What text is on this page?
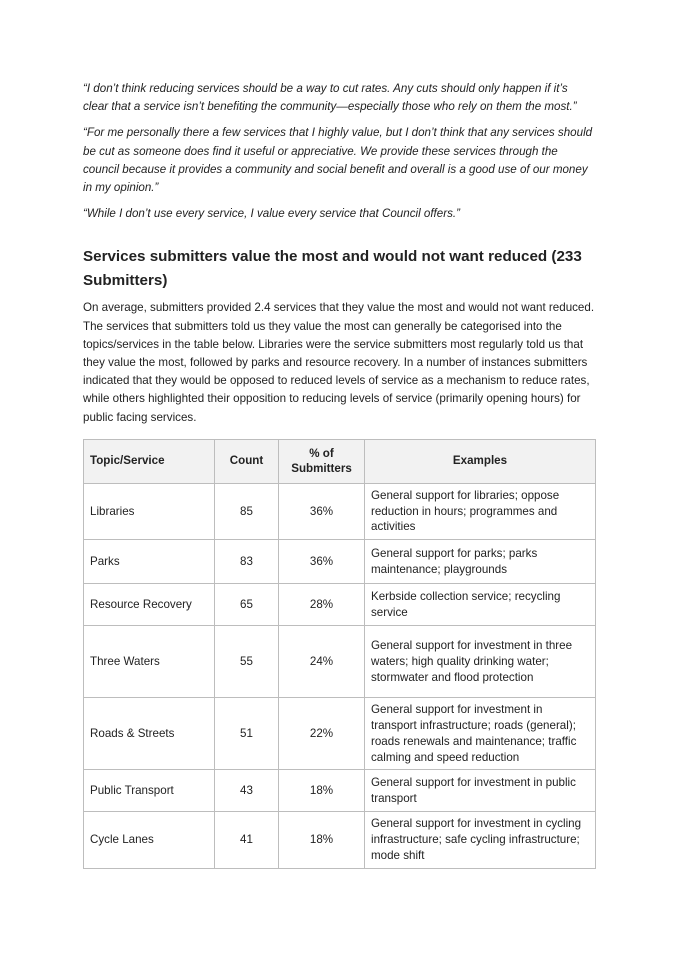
“I don’t think reducing services should be a way to cut rates. Any cuts should only happen if it’s clear that a service isn’t benefiting the community—especially those who rely on them the most.”

“For me personally there a few services that I highly value, but I don’t think that any services should be cut as someone does find it useful or appreciative. We provide these services through the council because it provides a community and social benefit and overall is a good use of our money in my opinion.”

“While I don’t use every service, I value every service that Council offers.”

Services submitters value the most and would not want reduced (233 Submitters)

On average, submitters provided 2.4 services that they value the most and would not want reduced. The services that submitters told us they value the most can generally be categorised into the topics/services in the table below. Libraries were the service submitters most regularly told us that they value the most, followed by parks and resource recovery. In a number of instances submitters indicated that they would be opposed to reduced levels of service as a mechanism to reduce rates, while others highlighted their opposition to reducing levels of service (primarily opening hours) for public facing services.

Topic/Service	Count	% of Submitters	Examples
Libraries	85	36%	General support for libraries; oppose reduction in hours; programmes and activities
Parks	83	36%	General support for parks; parks maintenance; playgrounds
Resource Recovery	65	28%	Kerbside collection service; recycling service
Three Waters	55	24%	General support for investment in three waters; high quality drinking water; stormwater and flood protection
Roads & Streets	51	22%	General support for investment in transport infrastructure; roads (general); roads renewals and maintenance; traffic calming and speed reduction
Public Transport	43	18%	General support for investment in public transport
Cycle Lanes	41	18%	General support for investment in cycling infrastructure; safe cycling infrastructure; mode shift
